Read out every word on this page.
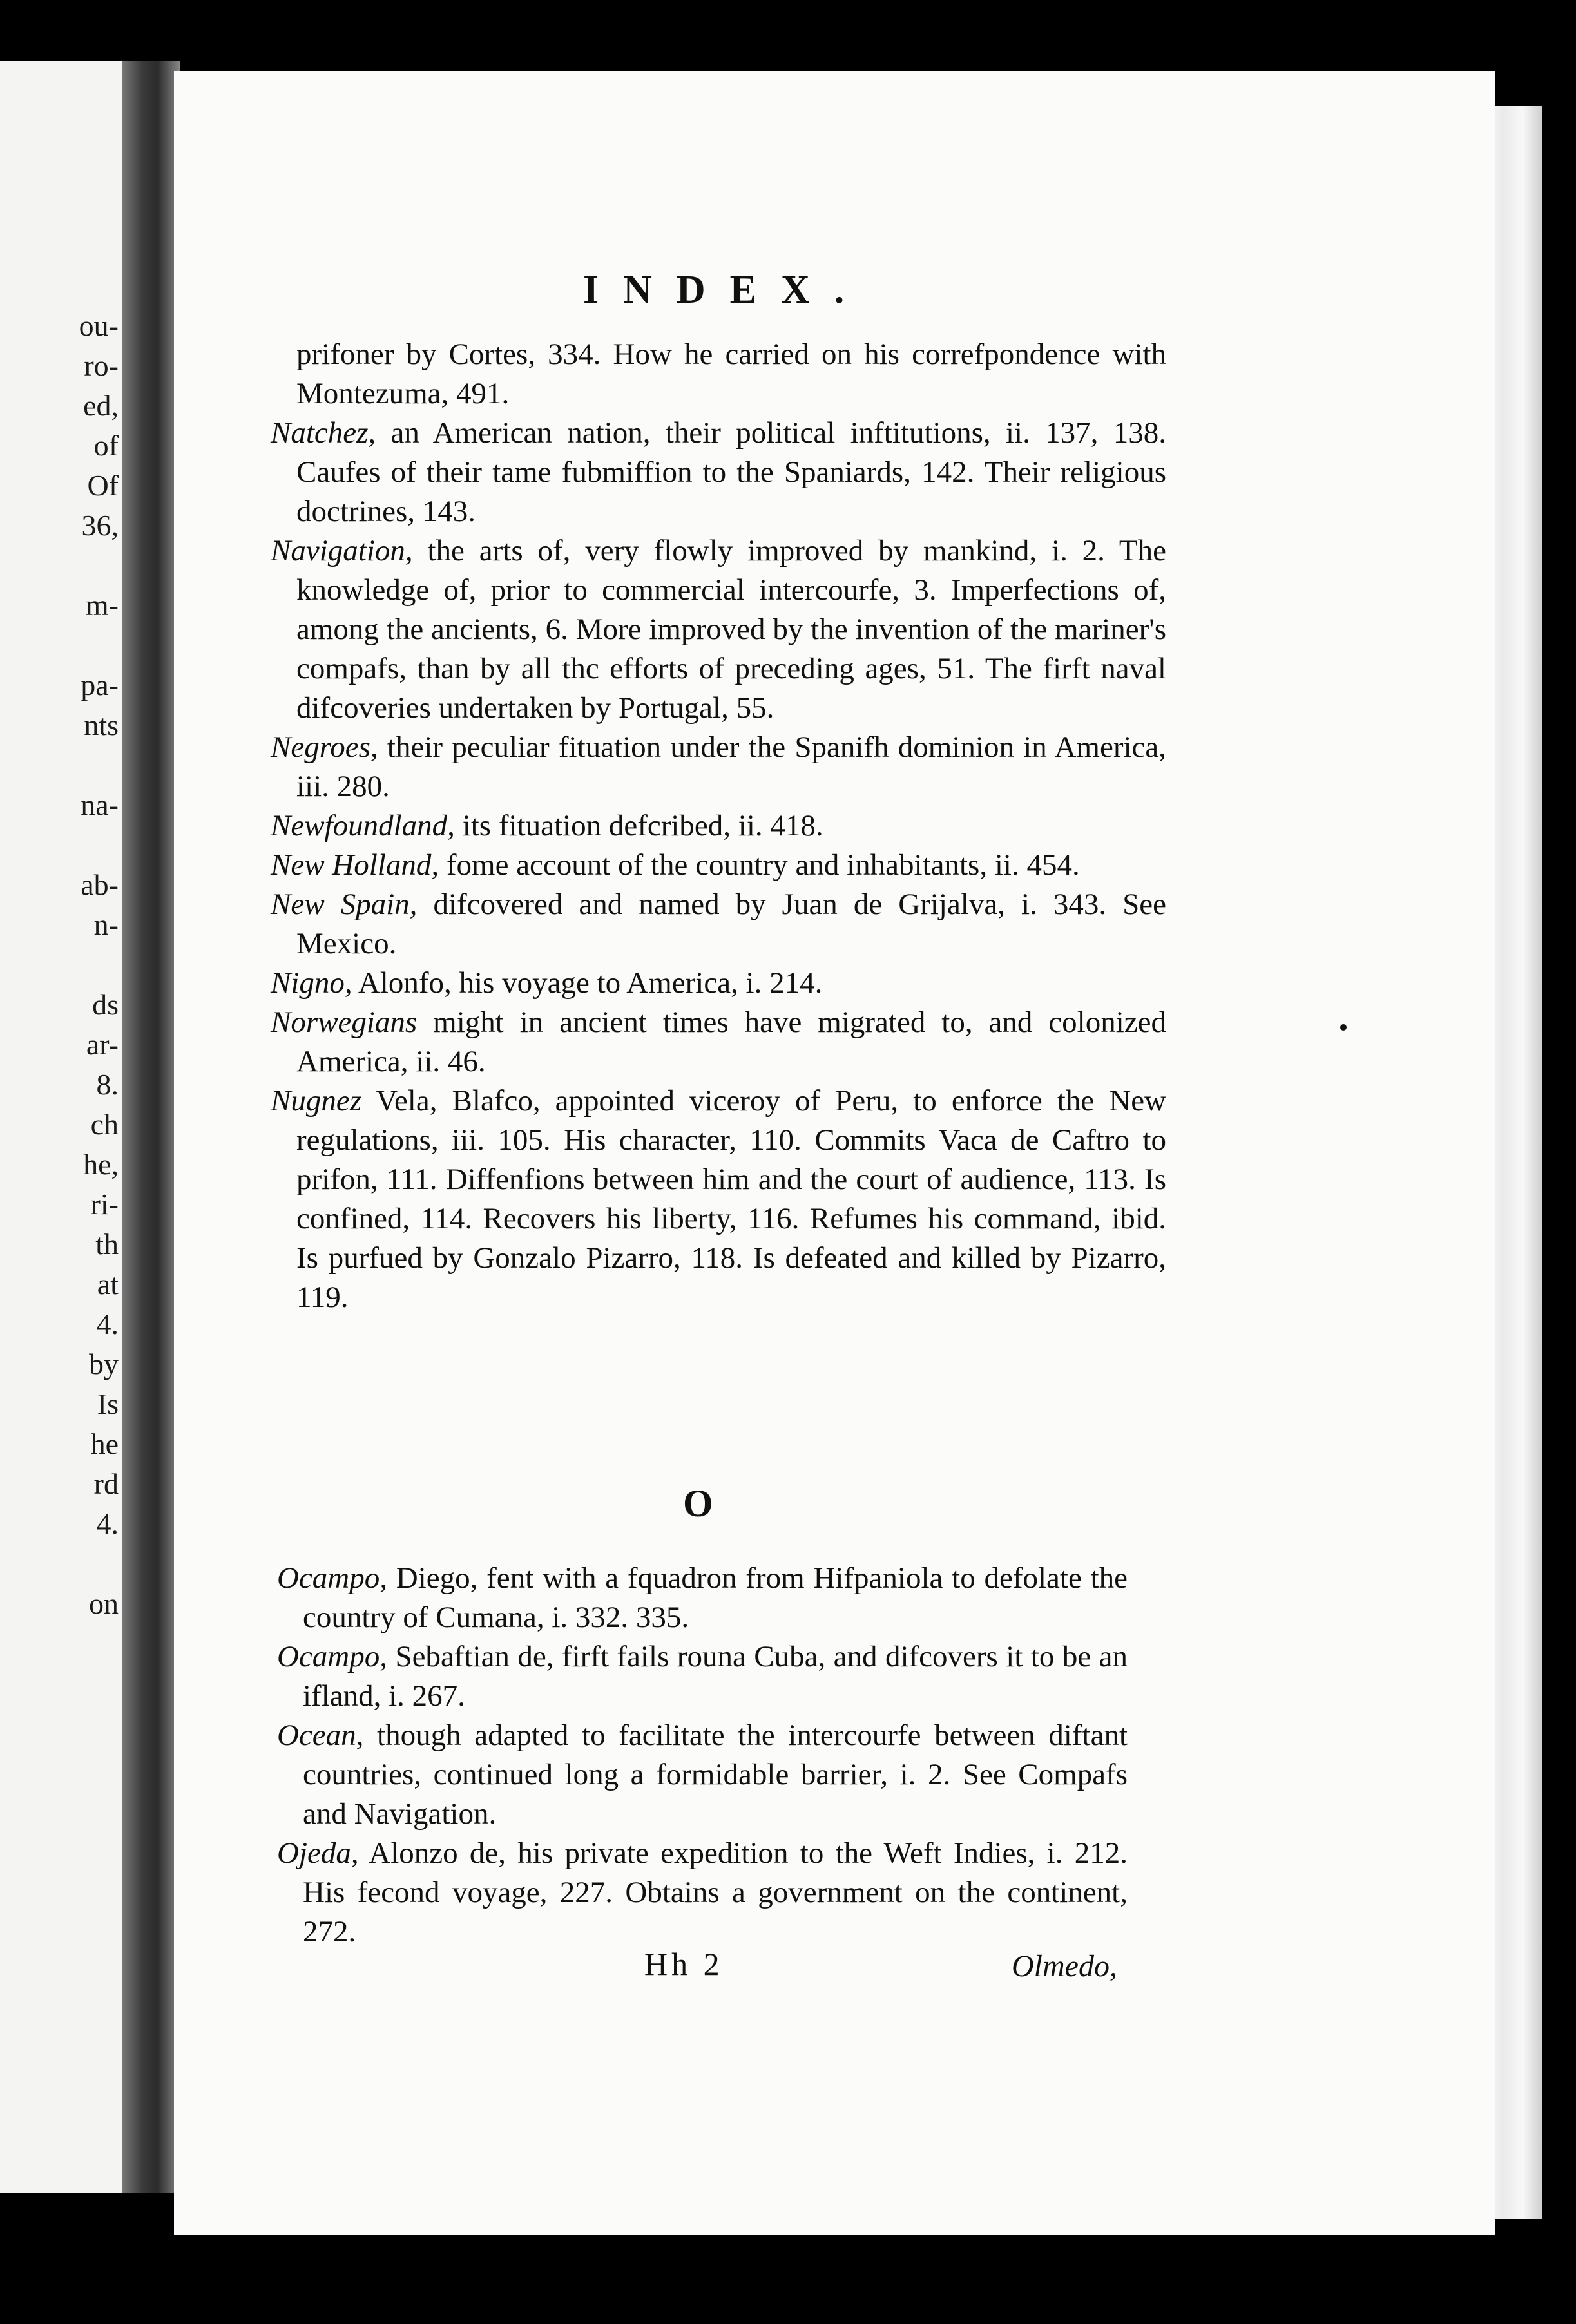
ou-
ro-
ed,
of
Of
36,
m-
pa-
nts
na-
ab-
n-
ds
ar-
8.
ch
he,
ri-
th
at
4.
by
Is
he
rd
4.
on
INDEX.

prifoner by Cortes, 334. How he carried on his correfpondence with Montezuma, 491.

Natchez, an American nation, their political inftitutions, ii. 137, 138. Caufes of their tame fubmiffion to the Spaniards, 142. Their religious doctrines, 143.

Navigation, the arts of, very flowly improved by mankind, i. 2. The knowledge of, prior to commercial intercourfe, 3. Imperfections of, among the ancients, 6. More improved by the invention of the mariner's compafs, than by all thc efforts of preceding ages, 51. The firft naval difcoveries undertaken by Portugal, 55.

Negroes, their peculiar fituation under the Spanifh dominion in America, iii. 280.

Newfoundland, its fituation defcribed, ii. 418.

New Holland, fome account of the country and inhabitants, ii. 454.

New Spain, difcovered and named by Juan de Grijalva, i. 343. See Mexico.

Nigno, Alonfo, his voyage to America, i. 214.

Norwegians might in ancient times have migrated to, and colonized America, ii. 46.

Nugnez Vela, Blafco, appointed viceroy of Peru, to enforce the New regulations, iii. 105. His character, 110. Commits Vaca de Caftro to prifon, 111. Diffenfions between him and the court of audience, 113. Is confined, 114. Recovers his liberty, 116. Refumes his command, ibid. Is purfued by Gonzalo Pizarro, 118. Is defeated and killed by Pizarro, 119.

O

Ocampo, Diego, fent with a fquadron from Hifpaniola to defolate the country of Cumana, i. 332. 335.

Ocampo, Sebaftian de, firft fails rouna Cuba, and difcovers it to be an ifland, i. 267.

Ocean, though adapted to facilitate the intercourfe between diftant countries, continued long a formidable barrier, i. 2. See Compafs and Navigation.

Ojeda, Alonzo de, his private expedition to the Weft Indies, i. 212. His fecond voyage, 227. Obtains a government on the continent, 272.

Hh 2	Olmedo,
